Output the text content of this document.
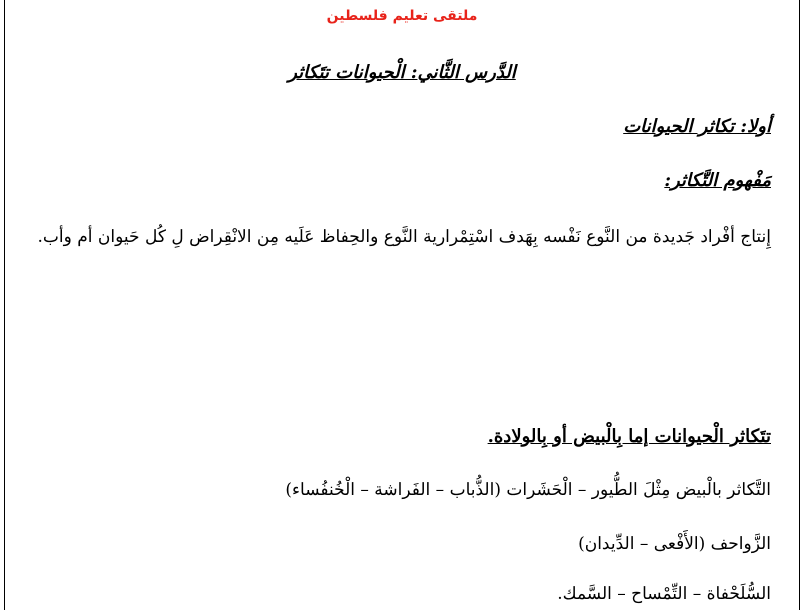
ملتقى تعليم فلسطين
الدَّرس الثَّاني: الْحيوانات تتَكاثر
أولا: تكاثر الحيوانات
مَفْهوم التَّكاثر:
إِنتاج أفْراد جَديدة من النَّوع نَفْسه بِهَدف اسْتِمْرارية النَّوع والحِفاظ عَلَيه مِن الانْقِراض لِ كُل حَيوان أم وأب.
تتَكاثر الْحيوانات إما بِالْبيض أو بِالولادة.
التَّكاثر بالْبيض مِثْلَ الطُّيور – الْحَشَرات (الذُّباب – الفَراشة – الْخُنفُساء)
الزَّواحف (الأَفْعى – الدِّيدان)
السُّلَحْفاة – التِّمْساح – السَّمك.
